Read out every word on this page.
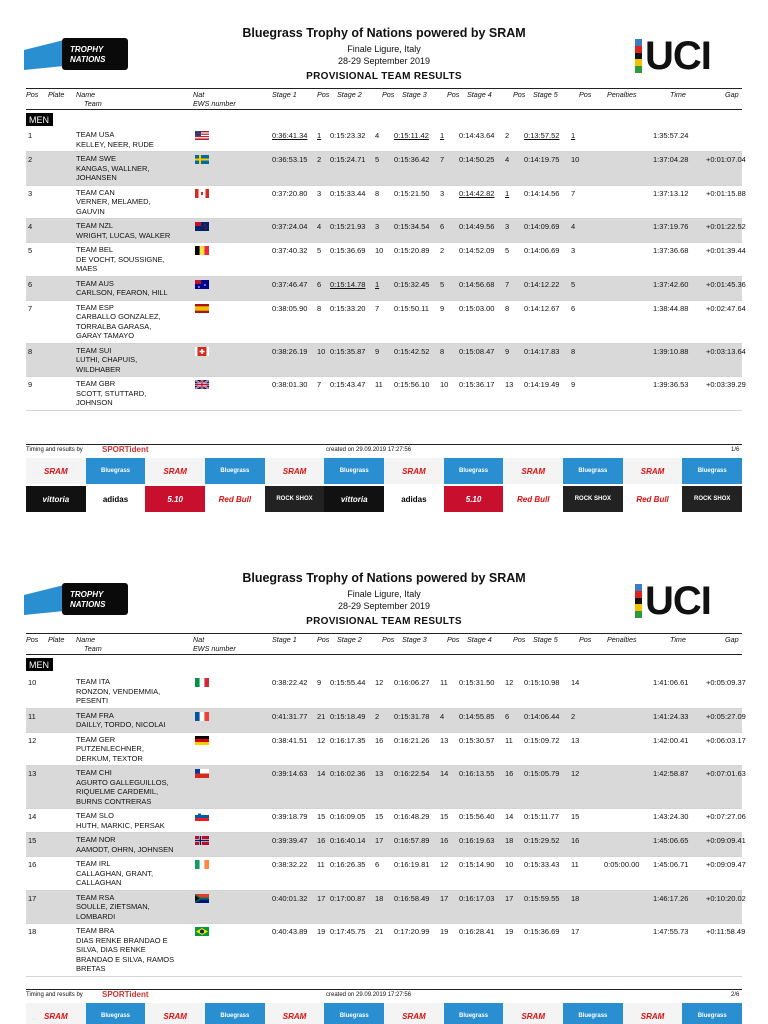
TROPHY
NATIONS
Bluegrass Trophy of Nations powered by SRAM
Finale Ligure, Italy
28-29 September 2019
PROVISIONAL TEAM RESULTS	UCI
Pos Plate Name
Team
Nat
EWS number
Stage 1	Pos Stage 2	Pos Stage 3	Pos Stage 4	Pos Stage 5	Pos Penalties	Time	Gap
MEN
1	TEAM USA
KELLEY, NEER, RUDE
0:36:41.34 1 0:15:23.32 4 0:15:11.42 1 0:14:43.64 2 0:13:57.52 1	1:35:57.24
2	TEAM SWE
KANGAS, WALLNER,
JOHANSEN
0:36:53.15 2 0:15:24.71 5 0:15:36.42 7 0:14:50.25 4 0:14:19.75 10	1:37:04.28 +0:01:07.04
3	TEAM CAN
VERNER, MELAMED,
GAUVIN
0:37:20.80 3 0:15:33.44 8 0:15:21.50 3 0:14:42.82 1 0:14:14.56 7	1:37:13.12 +0:01:15.88
4	TEAM NZL
WRIGHT, LUCAS, WALKER
0:37:24.04 4 0:15:21.93 3 0:15:34.54 6 0:14:49.56 3 0:14:09.69 4	1:37:19.76 +0:01:22.52
5	TEAM BEL
DE VOCHT, SOUSSIGNE,
MAES
0:37:40.32 5 0:15:36.69 10 0:15:20.89 2 0:14:52.09 5 0:14:06.69 3	1:37:36.68 +0:01:39.44
6	TEAM AUS
CARLSON, FEARON, HILL
0:37:46.47 6 0:15:14.78 1 0:15:32.45 5 0:14:56.68 7 0:14:12.22 5	1:37:42.60 +0:01:45.36
7	TEAM ESP
CARBALLO GONZALEZ,
TORRALBA GARASA,
GARAY TAMAYO
0:38:05.90 8 0:15:33.20 7 0:15:50.11 9 0:15:03.00 8 0:14:12.67 6	1:38:44.88 +0:02:47.64
8	TEAM SUI
LUTHI, CHAPUIS,
WILDHABER
0:38:26.19 10 0:15:35.87 9 0:15:42.52 8 0:15:08.47 9 0:14:17.83 8	1:39:10.88 +0:03:13.64
9	TEAM GBR
SCOTT, STUTTARD,
JOHNSON
0:38:01.30 7 0:15:43.47 11 0:15:56.10 10 0:15:36.17 13 0:14:19.49 9	1:39:36.53 +0:03:39.29
Timing and results by SPORTident	created on 29.09.2019 17:27:56	1/6
SRAM	Bluegrass	SRAM	Bluegrass	SRAM	Bluegrass	SRAM	Bluegrass	SRAM	Bluegrass	SRAM	Bluegrass
vittoria	adidas	5.10	Red Bull	ROCK SHOX	vittoria	adidas	5.10	Red Bull	ROCK SHOX	Red Bull	ROCK SHOX
TROPHY
NATIONS
Bluegrass Trophy of Nations powered by SRAM
Finale Ligure, Italy
28-29 September 2019
PROVISIONAL TEAM RESULTS	UCI
Pos Plate Name
Team
Nat
EWS number
Stage 1	Pos Stage 2	Pos Stage 3	Pos Stage 4	Pos Stage 5	Pos Penalties	Time	Gap
MEN
10	TEAM ITA
RONZON, VENDEMMIA,
PESENTI
0:38:22.42 9 0:15:55.44 12 0:16:06.27 11 0:15:31.50 12 0:15:10.98 14	1:41:06.61 +0:05:09.37
11	TEAM FRA
DAILLY, TORDO, NICOLAI
0:41:31.77 21 0:15:18.49 2 0:15:31.78 4 0:14:55.85 6 0:14:06.44 2	1:41:24.33 +0:05:27.09
12	TEAM GER
PUTZENLECHNER,
DERKUM, TEXTOR
0:38:41.51 12 0:16:17.35 16 0:16:21.26 13 0:15:30.57 11 0:15:09.72 13	1:42:00.41 +0:06:03.17
13	TEAM CHI
AGURTO GALLEGUILLOS,
RIQUELME CARDEMIL,
BURNS CONTRERAS
0:39:14.63 14 0:16:02.36 13 0:16:22.54 14 0:16:13.55 16 0:15:05.79 12	1:42:58.87 +0:07:01.63
14	TEAM SLO
HUTH, MARKIC, PERSAK
0:39:18.79 15 0:16:09.05 15 0:16:48.29 15 0:15:56.40 14 0:15:11.77 15	1:43:24.30 +0:07:27.06
15	TEAM NOR
AAMODT, OHRN, JOHNSEN
0:39:39.47 16 0:16:40.14 17 0:16:57.89 16 0:16:19.63 18 0:15:29.52 16	1:45:06.65 +0:09:09.41
16	TEAM IRL
CALLAGHAN, GRANT,
CALLAGHAN
0:38:32.22 11 0:16:26.35 6 0:16:19.81 12 0:15:14.90 10 0:15:33.43 11	0:05:00.00 1:45:06.71 +0:09:09.47
17	TEAM RSA
SOULLE, ZIETSMAN,
LOMBARDI
0:40:01.32 17 0:17:00.87 18 0:16:58.49 17 0:16:17.03 17 0:15:59.55 18	1:46:17.26 +0:10:20.02
18	TEAM BRA
DIAS RENKE BRANDAO E
SILVA, DIAS RENKE
BRANDAO E SILVA, RAMOS
BRETAS
0:40:43.89 19 0:17:45.75 21 0:17:20.99 19 0:16:28.41 19 0:15:36.69 17	1:47:55.73 +0:11:58.49
Timing and results by SPORTident	created on 29.09.2019 17:27:56	2/6
SRAM	Bluegrass	SRAM	Bluegrass	SRAM	Bluegrass	SRAM	Bluegrass	SRAM	Bluegrass	SRAM	Bluegrass
